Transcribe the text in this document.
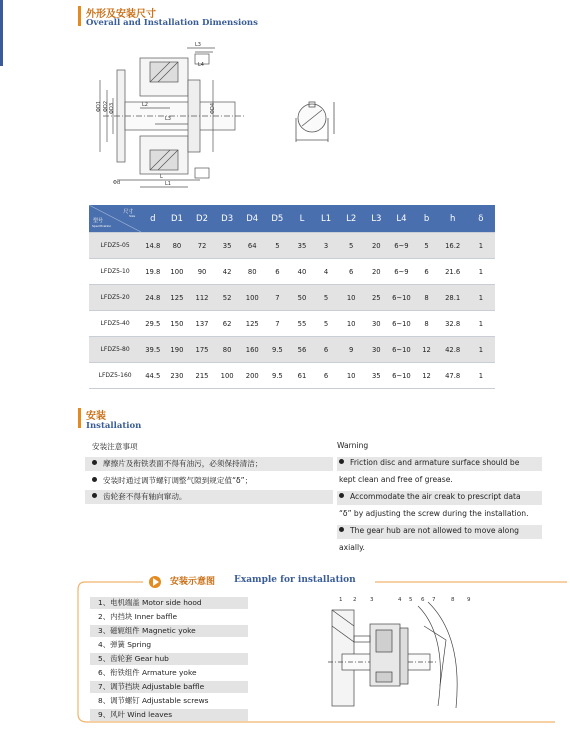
外形及安装尺寸
Overall and Installation Dimensions
ΦD1 ΦD2 ΦD3	ΦD4
L3
L4
L2
L3
L
L1
Φd
尺寸
Size
型号
Specification	d	D1	D2	D3	D4	D5	L	L1	L2	L3	L4	b	h	δ
LFDZ5-05	14.8	80	72	35	64	5	35	3	5	20	6~9	5	16.2	1
LFDZ5-10	19.8	100	90	42	80	6	40	4	6	20	6~9	6	21.6	1
LFDZ5-20	24.8	125	112	52	100	7	50	5	10	25	6~10	8	28.1	1
LFDZ5-40	29.5	150	137	62	125	7	55	5	10	30	6~10	8	32.8	1
LFDZ5-80	39.5	190	175	80	160	9.5	56	6	9	30	6~10	12	42.8	1
LFDZ5-160	44.5	230	215	100	200	9.5	61	6	10	35	6~10	12	47.8	1
安装
Installation
安装注意事项
摩擦片及衔铁表面不得有油污，必须保持清洁；
安装时通过调节螺钉调整气隙到规定值“δ”；
齿轮套不得有轴向窜动。
Warning
Friction disc and armature surface should be
kept clean and free of grease.
Accommodate the air creak to prescript data
“δ” by adjusting the screw during the installation.
The gear hub are not allowed to move along
axially.
安装示意图 Example for installation
1、电机端盖 Motor side hood
2、内挡块 Inner baffle
3、磁轭组件 Magnetic yoke
4、弹簧 Spring
5、齿轮套 Gear hub
6、衔铁组件 Armature yoke
7、调节挡块 Adjustable baffle
8、调节螺钉 Adjustable screws
9、风叶 Wind leaves
1 2 3	4 5 6 7	8 9
